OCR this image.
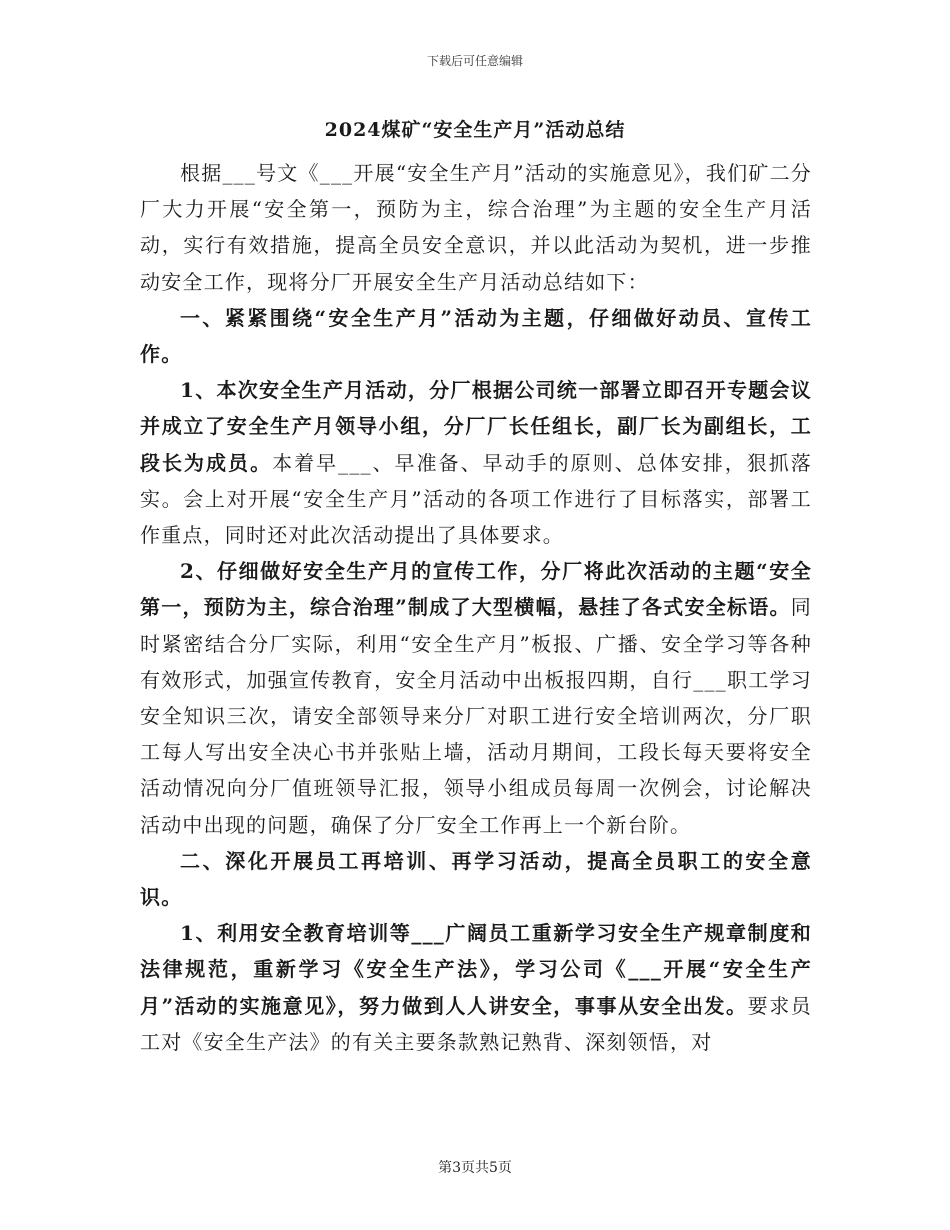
下载后可任意编辑
2024煤矿“安全生产月”活动总结

根据___号文《___开展“安全生产月”活动的实施意见》，我们矿二分厂大力开展“安全第一，预防为主，综合治理”为主题的安全生产月活动，实行有效措施，提高全员安全意识，并以此活动为契机，进一步推动安全工作，现将分厂开展安全生产月活动总结如下：

一、紧紧围绕“安全生产月”活动为主题，仔细做好动员、宣传工作。

1、本次安全生产月活动，分厂根据公司统一部署立即召开专题会议并成立了安全生产月领导小组，分厂厂长任组长，副厂长为副组长，工段长为成员。本着早___、早准备、早动手的原则、总体安排，狠抓落实。会上对开展“安全生产月”活动的各项工作进行了目标落实，部署工作重点，同时还对此次活动提出了具体要求。

2、仔细做好安全生产月的宣传工作，分厂将此次活动的主题“安全第一，预防为主，综合治理”制成了大型横幅，悬挂了各式安全标语。同时紧密结合分厂实际，利用“安全生产月”板报、广播、安全学习等各种有效形式，加强宣传教育，安全月活动中出板报四期，自行___职工学习安全知识三次，请安全部领导来分厂对职工进行安全培训两次，分厂职工每人写出安全决心书并张贴上墙，活动月期间，工段长每天要将安全活动情况向分厂值班领导汇报，领导小组成员每周一次例会，讨论解决活动中出现的问题，确保了分厂安全工作再上一个新台阶。

二、深化开展员工再培训、再学习活动，提高全员职工的安全意识。

1、利用安全教育培训等___广阔员工重新学习安全生产规章制度和法律规范，重新学习《安全生产法》，学习公司《___开展“安全生产月”活动的实施意见》，努力做到人人讲安全，事事从安全出发。要求员工对《安全生产法》的有关主要条款熟记熟背、深刻领悟，对

第3页共5页
